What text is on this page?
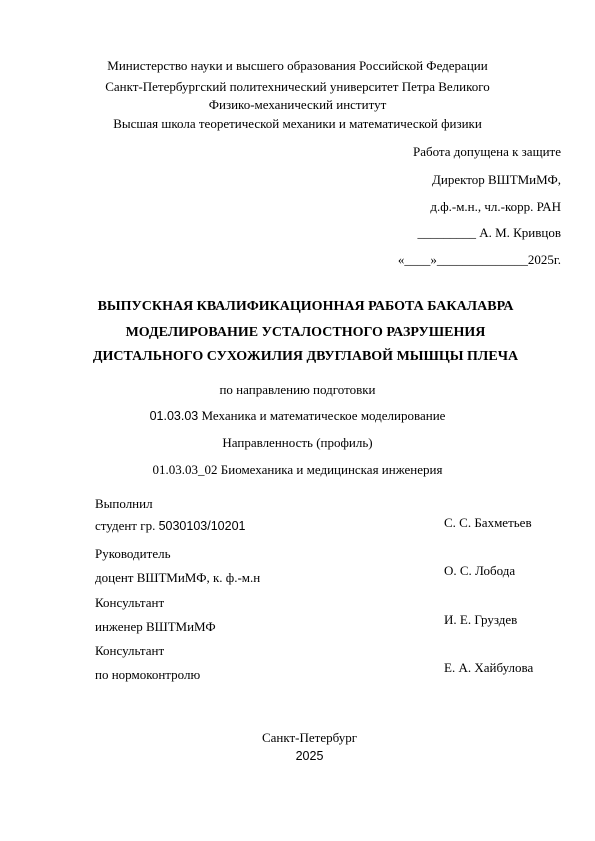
Министерство науки и высшего образования Российской Федерации
Санкт-Петербургский политехнический университет Петра Великого
Физико-механический институт
Высшая школа теоретической механики и математической физики
Работа допущена к защите
Директор ВШТМиМФ,
д.ф.-м.н., чл.-корр. РАН
_________ А. М. Кривцов
«____»______________2025г.
ВЫПУСКНАЯ КВАЛИФИКАЦИОННАЯ РАБОТА БАКАЛАВРА
МОДЕЛИРОВАНИЕ УСТАЛОСТНОГО РАЗРУШЕНИЯ
ДИСТАЛЬНОГО СУХОЖИЛИЯ ДВУГЛАВОЙ МЫШЦЫ ПЛЕЧА
по направлению подготовки
01.03.03 Механика и математическое моделирование
Направленность (профиль)
01.03.03_02 Биомеханика и медицинская инженерия
Выполнил
студент гр. 5030103/10201	С. С. Бахметьев
Руководитель
доцент ВШТМиМФ, к. ф.-м.н	О. С. Лобода
Консультант
инженер ВШТМиМФ	И. Е. Груздев
Консультант
по нормоконтролю	Е. А. Хайбулова
Санкт-Петербург
2025
